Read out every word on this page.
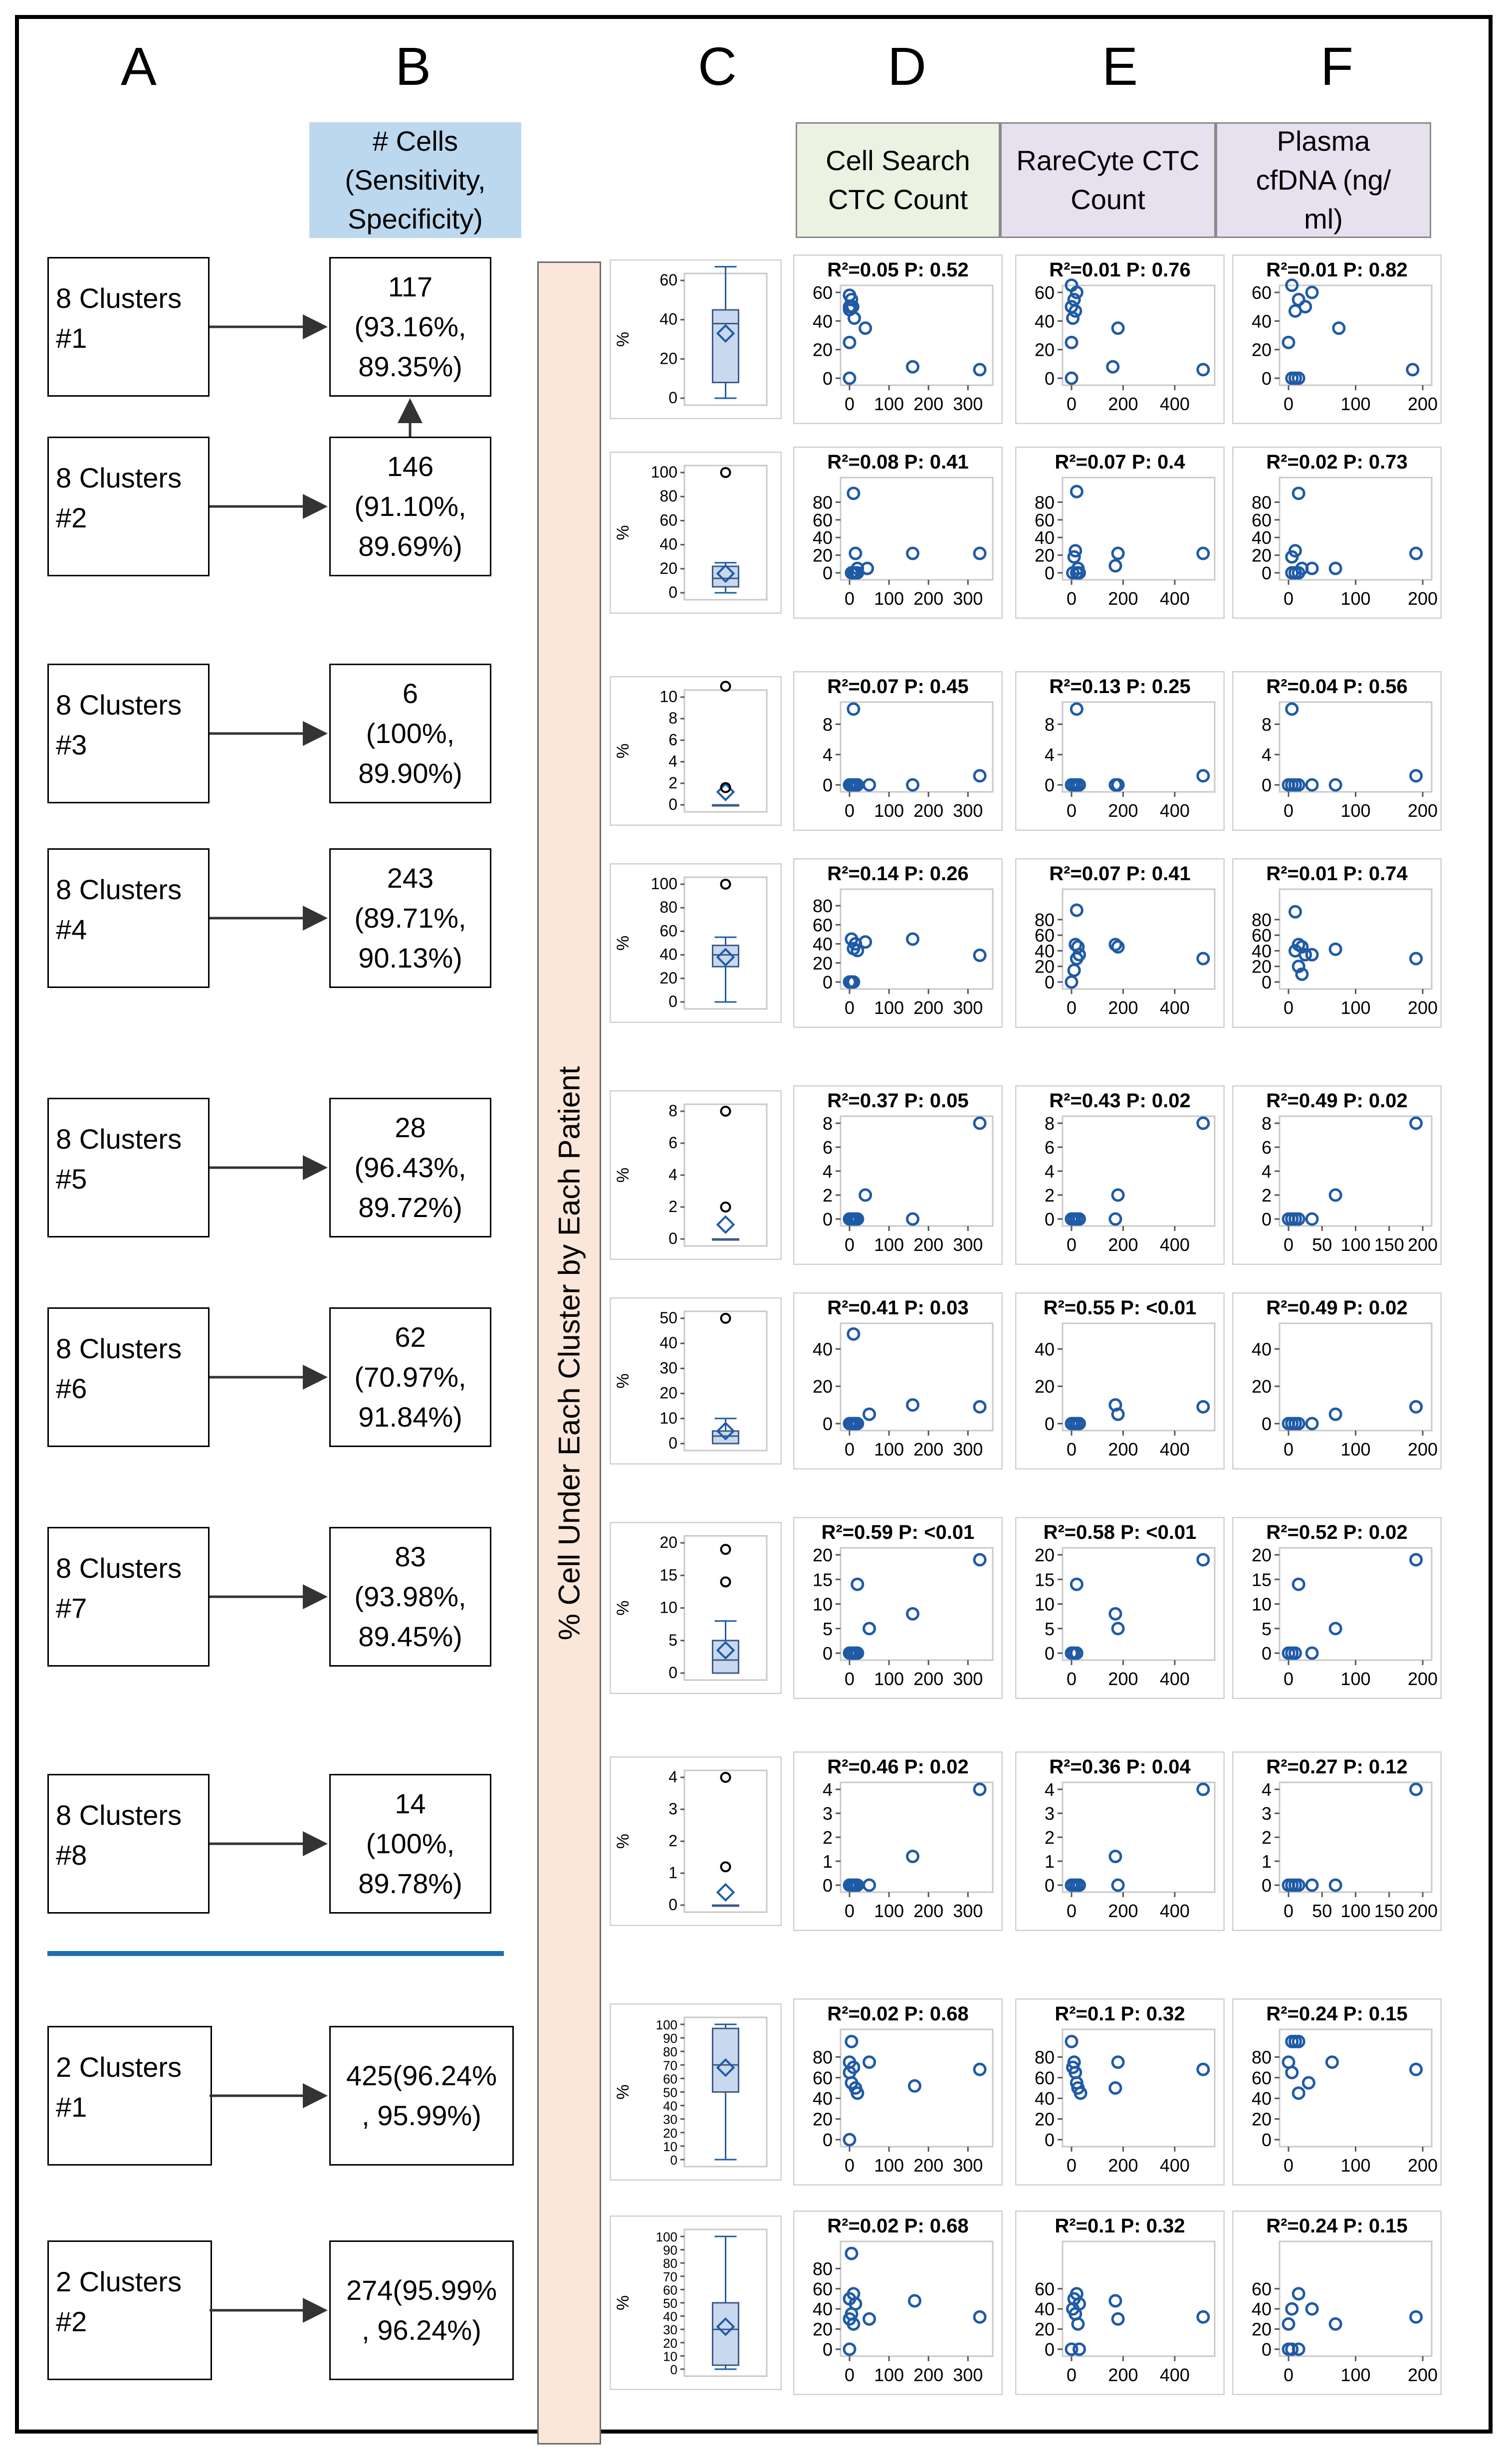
A	B	C	D	E	F
# Cells
(Sensitivity,
Specificity)
Cell Search
CTC Count
RareCyte CTC
Count
Plasma
cfDNA (ng/
ml)
% Cell Under Each Cluster by Each Patient
8 Clusters
#1
117
(93.16%,
89.35%)
8 Clusters
#2
146
(91.10%,
89.69%)
8 Clusters
#3
6
(100%,
89.90%)
8 Clusters
#4
243
(89.71%,
90.13%)
8 Clusters
#5
28
(96.43%,
89.72%)
8 Clusters
#6
62
(70.97%,
91.84%)
8 Clusters
#7
83
(93.98%,
89.45%)
8 Clusters
#8
14
(100%,
89.78%)
2 Clusters
#1
425(96.24%
, 95.99%)
2 Clusters
#2
274(95.99%
, 96.24%)
%
0
20
40
60	R²=0.05 P: 0.52
0
20
40
60
0 100 200 300
R²=0.01 P: 0.76
0
20
40
60
0 200 400
R²=0.01 P: 0.82
0
20
40
60
0	100 200
%
0
20
40
60
80
100	R²=0.08 P: 0.41
0
20
40
60
80
0 100 200 300
R²=0.07 P: 0.4
0
20
40
60
80
0 200 400
R²=0.02 P: 0.73
0
20
40
60
80
0	100 200
%
0
2
4
6
8
10	R²=0.07 P: 0.45
0
4
8
0 100 200 300
R²=0.13 P: 0.25
0
4
8
0 200 400
R²=0.04 P: 0.56
0
4
8
0	100 200
%
0
20
40
60
80
100	R²=0.14 P: 0.26
0
20
40
60
80
0 100 200 300
R²=0.07 P: 0.41
0
20
40
60
80
0 200 400
R²=0.01 P: 0.74
0
20
40
60
80
0	100 200
%
0
2
4
6
8	R²=0.37 P: 0.05
0
2
4
6
8
0 100 200 300
R²=0.43 P: 0.02
0
2
4
6
8
0 200 400
R²=0.49 P: 0.02
0
2
4
6
8
0 50 100 150 200
%
0
10
20
30
40
50	R²=0.41 P: 0.03
0
20
40
0 100 200 300
R²=0.55 P: <0.01
0
20
40
0 200 400
R²=0.49 P: 0.02
0
20
40
0	100 200
%
0
5
10
15
20	R²=0.59 P: <0.01
0
5
10
15
20
0 100 200 300
R²=0.58 P: <0.01
0
5
10
15
20
0 200 400
R²=0.52 P: 0.02
0
5
10
15
20
0	100 200
%
0
1
2
3
4	R²=0.46 P: 0.02
0
1
2
3
4
0 100 200 300
R²=0.36 P: 0.04
0
1
2
3
4
0 200 400
R²=0.27 P: 0.12
0
1
2
3
4
0 50 100 150 200
%
0
10
20
30
40
50
60
70
80
90
100	R²=0.02 P: 0.68
0
20
40
60
80
0 100 200 300
R²=0.1 P: 0.32
0
20
40
60
80
0 200 400
R²=0.24 P: 0.15
0
20
40
60
80
0	100 200
%
0
10
20
30
40
50
60
70
80
90
100	R²=0.02 P: 0.68
0
20
40
60
80
0 100 200 300
R²=0.1 P: 0.32
0
20
40
60
0 200 400
R²=0.24 P: 0.15
0
20
40
60
0	100 200
